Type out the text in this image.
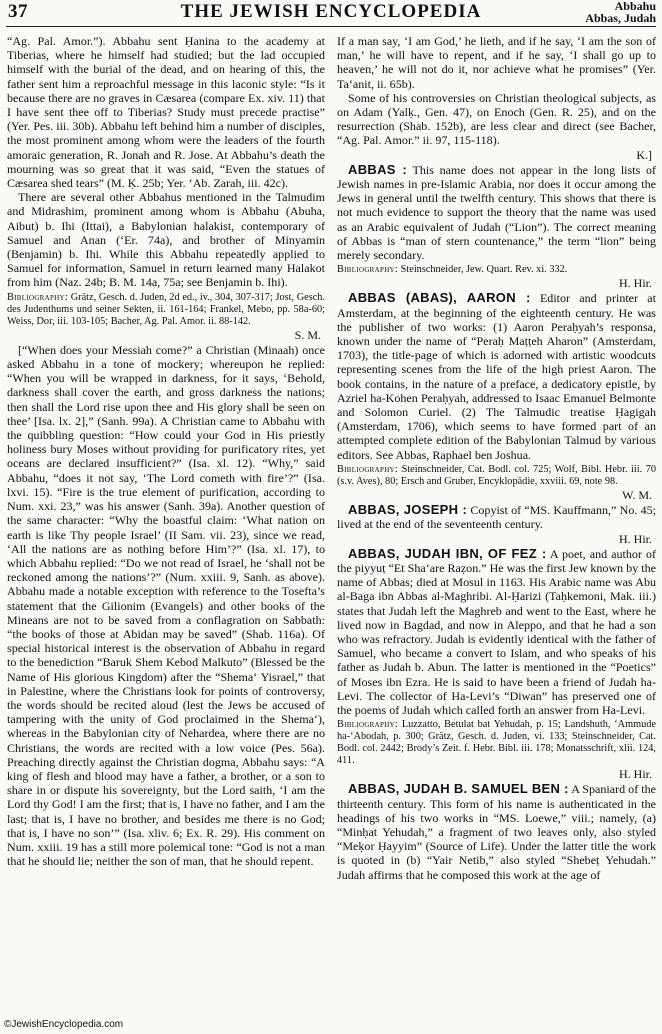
THE JEWISH ENCYCLOPEDIA
37	Abbahu
Abbas, Judah

“Ag. Pal. Amor.”). Abbahu sent Ḥanina to the academy at Tiberias, where he himself had studied; but the lad occupied himself with the burial of the dead, and on hearing of this, the father sent him a reproachful message in this laconic style: “Is it because there are no graves in Cæsarea (compare Ex. xiv. 11) that I have sent thee off to Tiberias? Study must precede practise” (Yer. Pes. iii. 30b). Abbahu left behind him a number of disciples, the most prominent among whom were the leaders of the fourth amoraic generation, R. Jonah and R. Jose. At Abbahu’s death the mourning was so great that it was said, “Even the statues of Cæsarea shed tears” (M. Ḳ. 25b; Yer. ‘Ab. Zarah, iii. 42c).

There are several other Abbahus mentioned in the Talmudim and Midrashim, prominent among whom is Abbahu (Abuha, Aibut) b. Ihi (Ittai), a Babylonian halakist, contemporary of Samuel and Anan (‘Er. 74a), and brother of Minyamin (Benjamin) b. Ihi. While this Abbahu repeatedly applied to Samuel for information, Samuel in return learned many Halakot from him (Naz. 24b; B. M. 14a, 75a; see Benjamin b. Ihi).

Bibliography: Grätz, Gesch. d. Juden, 2d ed., iv., 304, 307-317; Jost, Gesch. des Judenthums und seiner Sekten, ii. 161-164; Frankel, Mebo, pp. 58a-60; Weiss, Dor, iii. 103-105; Bacher, Ag. Pal. Amor. ii. 88-142.

S. M.

[“When does your Messiah come?” a Christian (Minaah) once asked Abbahu in a tone of mockery; whereupon he replied: “When you will be wrapped in darkness, for it says, ‘Behold, darkness shall cover the earth, and gross darkness the nations; then shall the Lord rise upon thee and His glory shall be seen on thee’ [Isa. lx. 2],” (Sanh. 99a). A Christian came to Abbahu with the quibbling question: “How could your God in His priestly holiness bury Moses without providing for purificatory rites, yet oceans are declared insufficient?” (Isa. xl. 12). “Why,” said Abbahu, “does it not say, ‘The Lord cometh with fire’?” (Isa. lxvi. 15). “Fire is the true element of purification, according to Num. xxi. 23,” was his answer (Sanh. 39a). Another question of the same character: “Why the boastful claim: ‘What nation on earth is like Thy people Israel’ (II Sam. vii. 23), since we read, ‘All the nations are as nothing before Him’?” (Isa. xl. 17), to which Abbahu replied: “Do we not read of Israel, he ‘shall not be reckoned among the nations’?” (Num. xxiii. 9, Sanh. as above). Abbahu made a notable exception with reference to the Tosefta’s statement that the Gilionim (Evangels) and other books of the Mineans are not to be saved from a conflagration on Sabbath: “the books of those at Abidan may be saved” (Shab. 116a). Of special historical interest is the observation of Abbahu in regard to the benediction “Baruk Shem Kebod Malkuto” (Blessed be the Name of His glorious Kingdom) after the “Shema‘ Yisrael,” that in Palestine, where the Christians look for points of controversy, the words should be recited aloud (lest the Jews be accused of tampering with the unity of God proclaimed in the Shema‘), whereas in the Babylonian city of Nehardea, where there are no Christians, the words are recited with a low voice (Pes. 56a). Preaching directly against the Christian dogma, Abbahu says: “A king of flesh and blood may have a father, a brother, or a son to share in or dispute his sovereignty, but the Lord saith, ‘I am the Lord thy God! I am the first; that is, I have no father, and I am the last; that is, I have no brother, and besides me there is no God; that is, I have no son’” (Isa. xliv. 6; Ex. R. 29). His comment on Num. xxiii. 19 has a still more polemical tone: “God is not a man that he should lie; neither the son of man, that he should repent.

If a man say, ‘I am God,’ he lieth, and if he say, ‘I am the son of man,’ he will have to repent, and if he say, ‘I shall go up to heaven,’ he will not do it, nor achieve what he promises” (Yer. Ta‘anit, ii. 65b).

Some of his controversies on Christian theological subjects, as on Adam (Yalḳ., Gen. 47), on Enoch (Gen. R. 25), and on the resurrection (Shab. 152b), are less clear and direct (see Bacher, “Ag. Pal. Amor.” ii. 97, 115-118).

K.]

ABBAS : This name does not appear in the long lists of Jewish names in pre-Islamic Arabia, nor does it occur among the Jews in general until the twelfth century. This shows that there is not much evidence to support the theory that the name was used as an Arabic equivalent of Judah (“Lion”). The correct meaning of Abbas is “man of stern countenance,” the term “lion” being merely secondary.

Bibliography: Steinschneider, Jew. Quart. Rev. xi. 332.

H. Hir.

ABBAS (ABAS), AARON : Editor and printer at Amsterdam, at the beginning of the eighteenth century. He was the publisher of two works: (1) Aaron Peraḥyah’s responsa, known under the name of “Peraḥ Maṭṭeh Aharon” (Amsterdam, 1703), the title-page of which is adorned with artistic woodcuts representing scenes from the life of the high priest Aaron. The book contains, in the nature of a preface, a dedicatory epistle, by Azriel ha-Kohen Peraḥyah, addressed to Isaac Emanuel Belmonte and Solomon Curiel. (2) The Talmudic treatise Ḥagigah (Amsterdam, 1706), which seems to have formed part of an attempted complete edition of the Babylonian Talmud by various editors. See Abbas, Raphael ben Joshua.

Bibliography: Steinschneider, Cat. Bodl. col. 725; Wolf, Bibl. Hebr. iii. 70 (s.v. Aves), 80; Ersch and Gruber, Encyklopädie, xxviii. 69, note 98.

W. M.

ABBAS, JOSEPH : Copyist of “MS. Kauffmann,” No. 45; lived at the end of the seventeenth century.

H. Hir.

ABBAS, JUDAH IBN, OF FEZ : A poet, and author of the piyyuṭ “Et Sha‘are Raẓon.” He was the first Jew known by the name of Abbas; died at Mosul in 1163. His Arabic name was Abu al-Baga ibn Abbas al-Maghribi. Al-Ḥarizi (Taḥkemoni, Mak. iii.) states that Judah left the Maghreb and went to the East, where he lived now in Bagdad, and now in Aleppo, and that he had a son who was refractory. Judah is evidently identical with the father of Samuel, who became a convert to Islam, and who speaks of his father as Judah b. Abun. The latter is mentioned in the “Poetics” of Moses ibn Ezra. He is said to have been a friend of Judah ha-Levi. The collector of Ha-Levi’s “Diwan” has preserved one of the poems of Judah which called forth an answer from Ha-Levi.

Bibliography: Luzzatto, Betulat bat Yehudah, p. 15; Landshuth, ‘Ammude ha-‘Abodah, p. 300; Grätz, Gesch. d. Juden, vi. 133; Steinschneider, Cat. Bodl. col. 2442; Brody’s Zeit. f. Hebr. Bibl. iii. 178; Monatsschrift, xlii. 124, 411.

H. Hir.

ABBAS, JUDAH B. SAMUEL BEN : A Spaniard of the thirteenth century. This form of his name is authenticated in the headings of his two works in “MS. Loewe,” viii.; namely, (a) “Minḥat Yehudah,” a fragment of two leaves only, also styled “Meḳor Ḥayyim” (Source of Life). Under the latter title the work is quoted in (b) “Yair Netib,” also styled “Shebeṭ Yehudah.” Judah affirms that he composed this work at the age of

©JewishEncyclopedia.com
